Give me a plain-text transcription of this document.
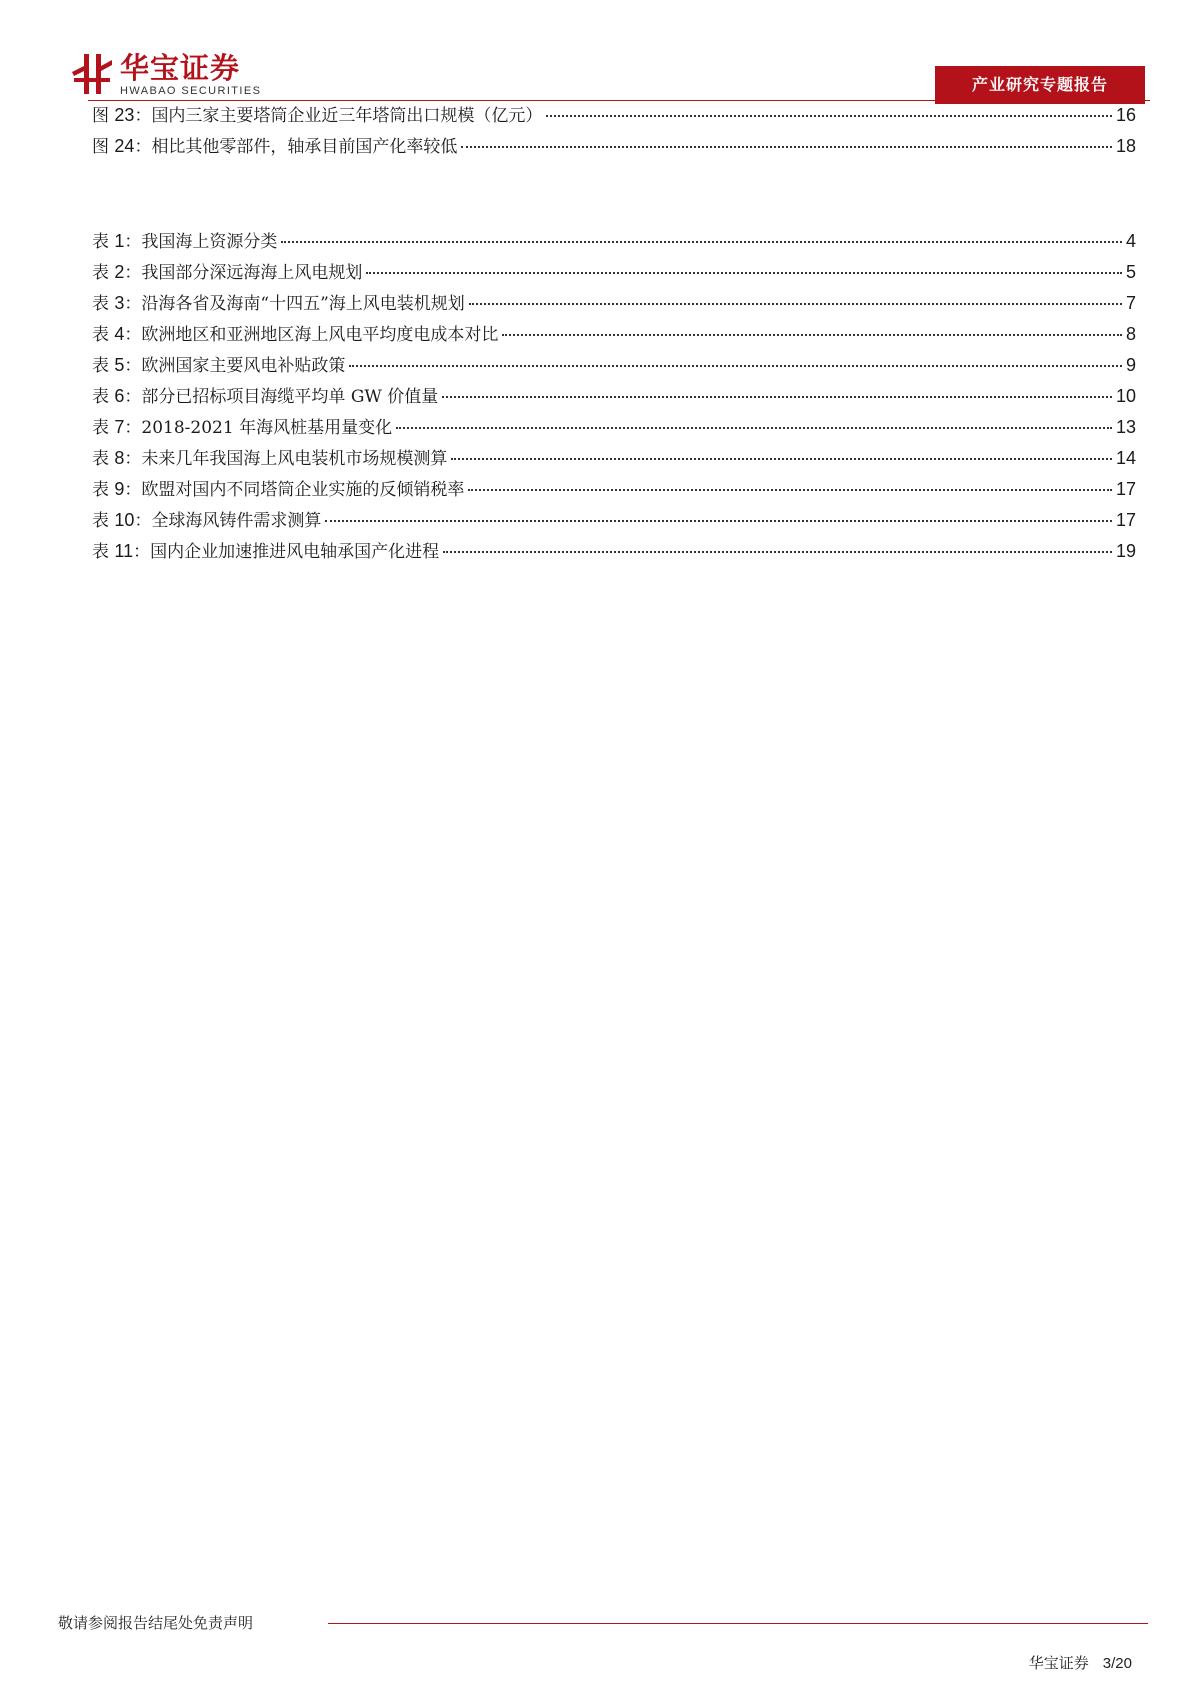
华宝证券
HWABAO SECURITIES	产业研究专题报告
图 23：国内三家主要塔筒企业近三年塔筒出口规模（亿元）	16
图 24：相比其他零部件，轴承目前国产化率较低	18
表 1：我国海上资源分类	4
表 2：我国部分深远海海上风电规划	5
表 3：沿海各省及海南“十四五”海上风电装机规划	7
表 4：欧洲地区和亚洲地区海上风电平均度电成本对比	8
表 5：欧洲国家主要风电补贴政策	9
表 6：部分已招标项目海缆平均单 GW 价值量	10
表 7：2018-2021 年海风桩基用量变化	13
表 8：未来几年我国海上风电装机市场规模测算	14
表 9：欧盟对国内不同塔筒企业实施的反倾销税率	17
表 10：全球海风铸件需求测算	17
表 11：国内企业加速推进风电轴承国产化进程	19
敬请参阅报告结尾处免责声明
华宝证券 3/20
